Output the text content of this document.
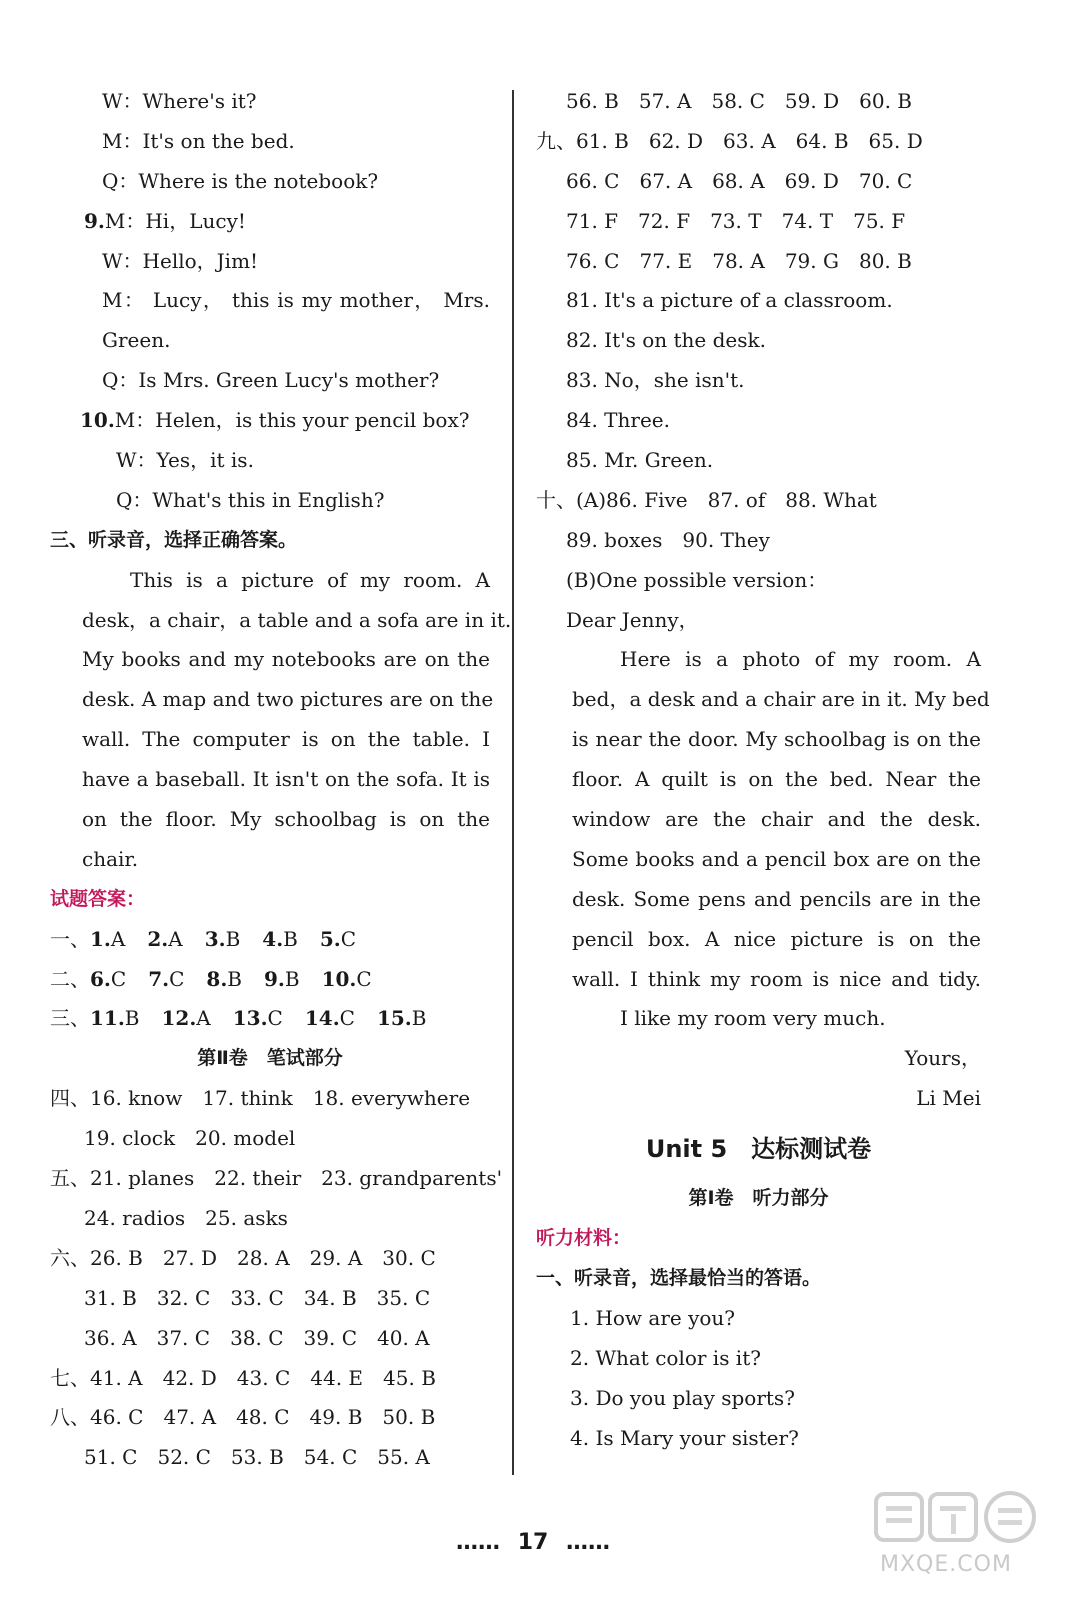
W：Where's it?
M：It's on the bed.
Q：Where is the notebook?
9.M：Hi，Lucy!
W：Hello，Jim!
M： Lucy， this is my mother， Mrs.
Green.
Q：Is Mrs. Green Lucy's mother?
10.M：Helen，is this your pencil box?
W：Yes，it is.
Q：What's this in English?
三、听录音，选择正确答案。
This is a picture of my room. A
desk，a chair，a table and a sofa are in it.
My books and my notebooks are on the
desk. A map and two pictures are on the
wall. The computer is on the table. I
have a baseball. It isn't on the sofa. It is
on the floor. My schoolbag is on the
chair.
试题答案：
一、1.A 2.A 3.B 4.B 5.C
二、6.C 7.C 8.B 9.B 10.C
三、11.B 12.A 13.C 14.C 15.B
第Ⅱ卷　笔试部分
四、16. know　17. think　18. everywhere
19. clock　20. model
五、21. planes　22. their　23. grandparents'
24. radios　25. asks
六、26. B　27. D　28. A　29. A　30. C
31. B　32. C　33. C　34. B　35. C
36. A　37. C　38. C　39. C　40. A
七、41. A　42. D　43. C　44. E　45. B
八、46. C　47. A　48. C　49. B　50. B
51. C　52. C　53. B　54. C　55. A
56. B　57. A　58. C　59. D　60. B
九、61. B　62. D　63. A　64. B　65. D
66. C　67. A　68. A　69. D　70. C
71. F　72. F　73. T　74. T　75. F
76. C　77. E　78. A　79. G　80. B
81. It's a picture of a classroom.
82. It's on the desk.
83. No，she isn't.
84. Three.
85. Mr. Green.
十、(A)86. Five　87. of　88. What
89. boxes　90. They
(B)One possible version：
Dear Jenny，
Here is a photo of my room. A
bed，a desk and a chair are in it. My bed
is near the door. My schoolbag is on the
floor. A quilt is on the bed. Near the
window are the chair and the desk.
Some books and a pencil box are on the
desk. Some pens and pencils are in the
pencil box. A nice picture is on the
wall. I think my room is nice and tidy.
I like my room very much.
Yours，
Li Mei
Unit 5　达标测试卷
第Ⅰ卷　听力部分
听力材料：
一、听录音，选择最恰当的答语。
1. How are you?
2. What color is it?
3. Do you play sports?
4. Is Mary your sister?
…… 17 ……
MXQE.COM
